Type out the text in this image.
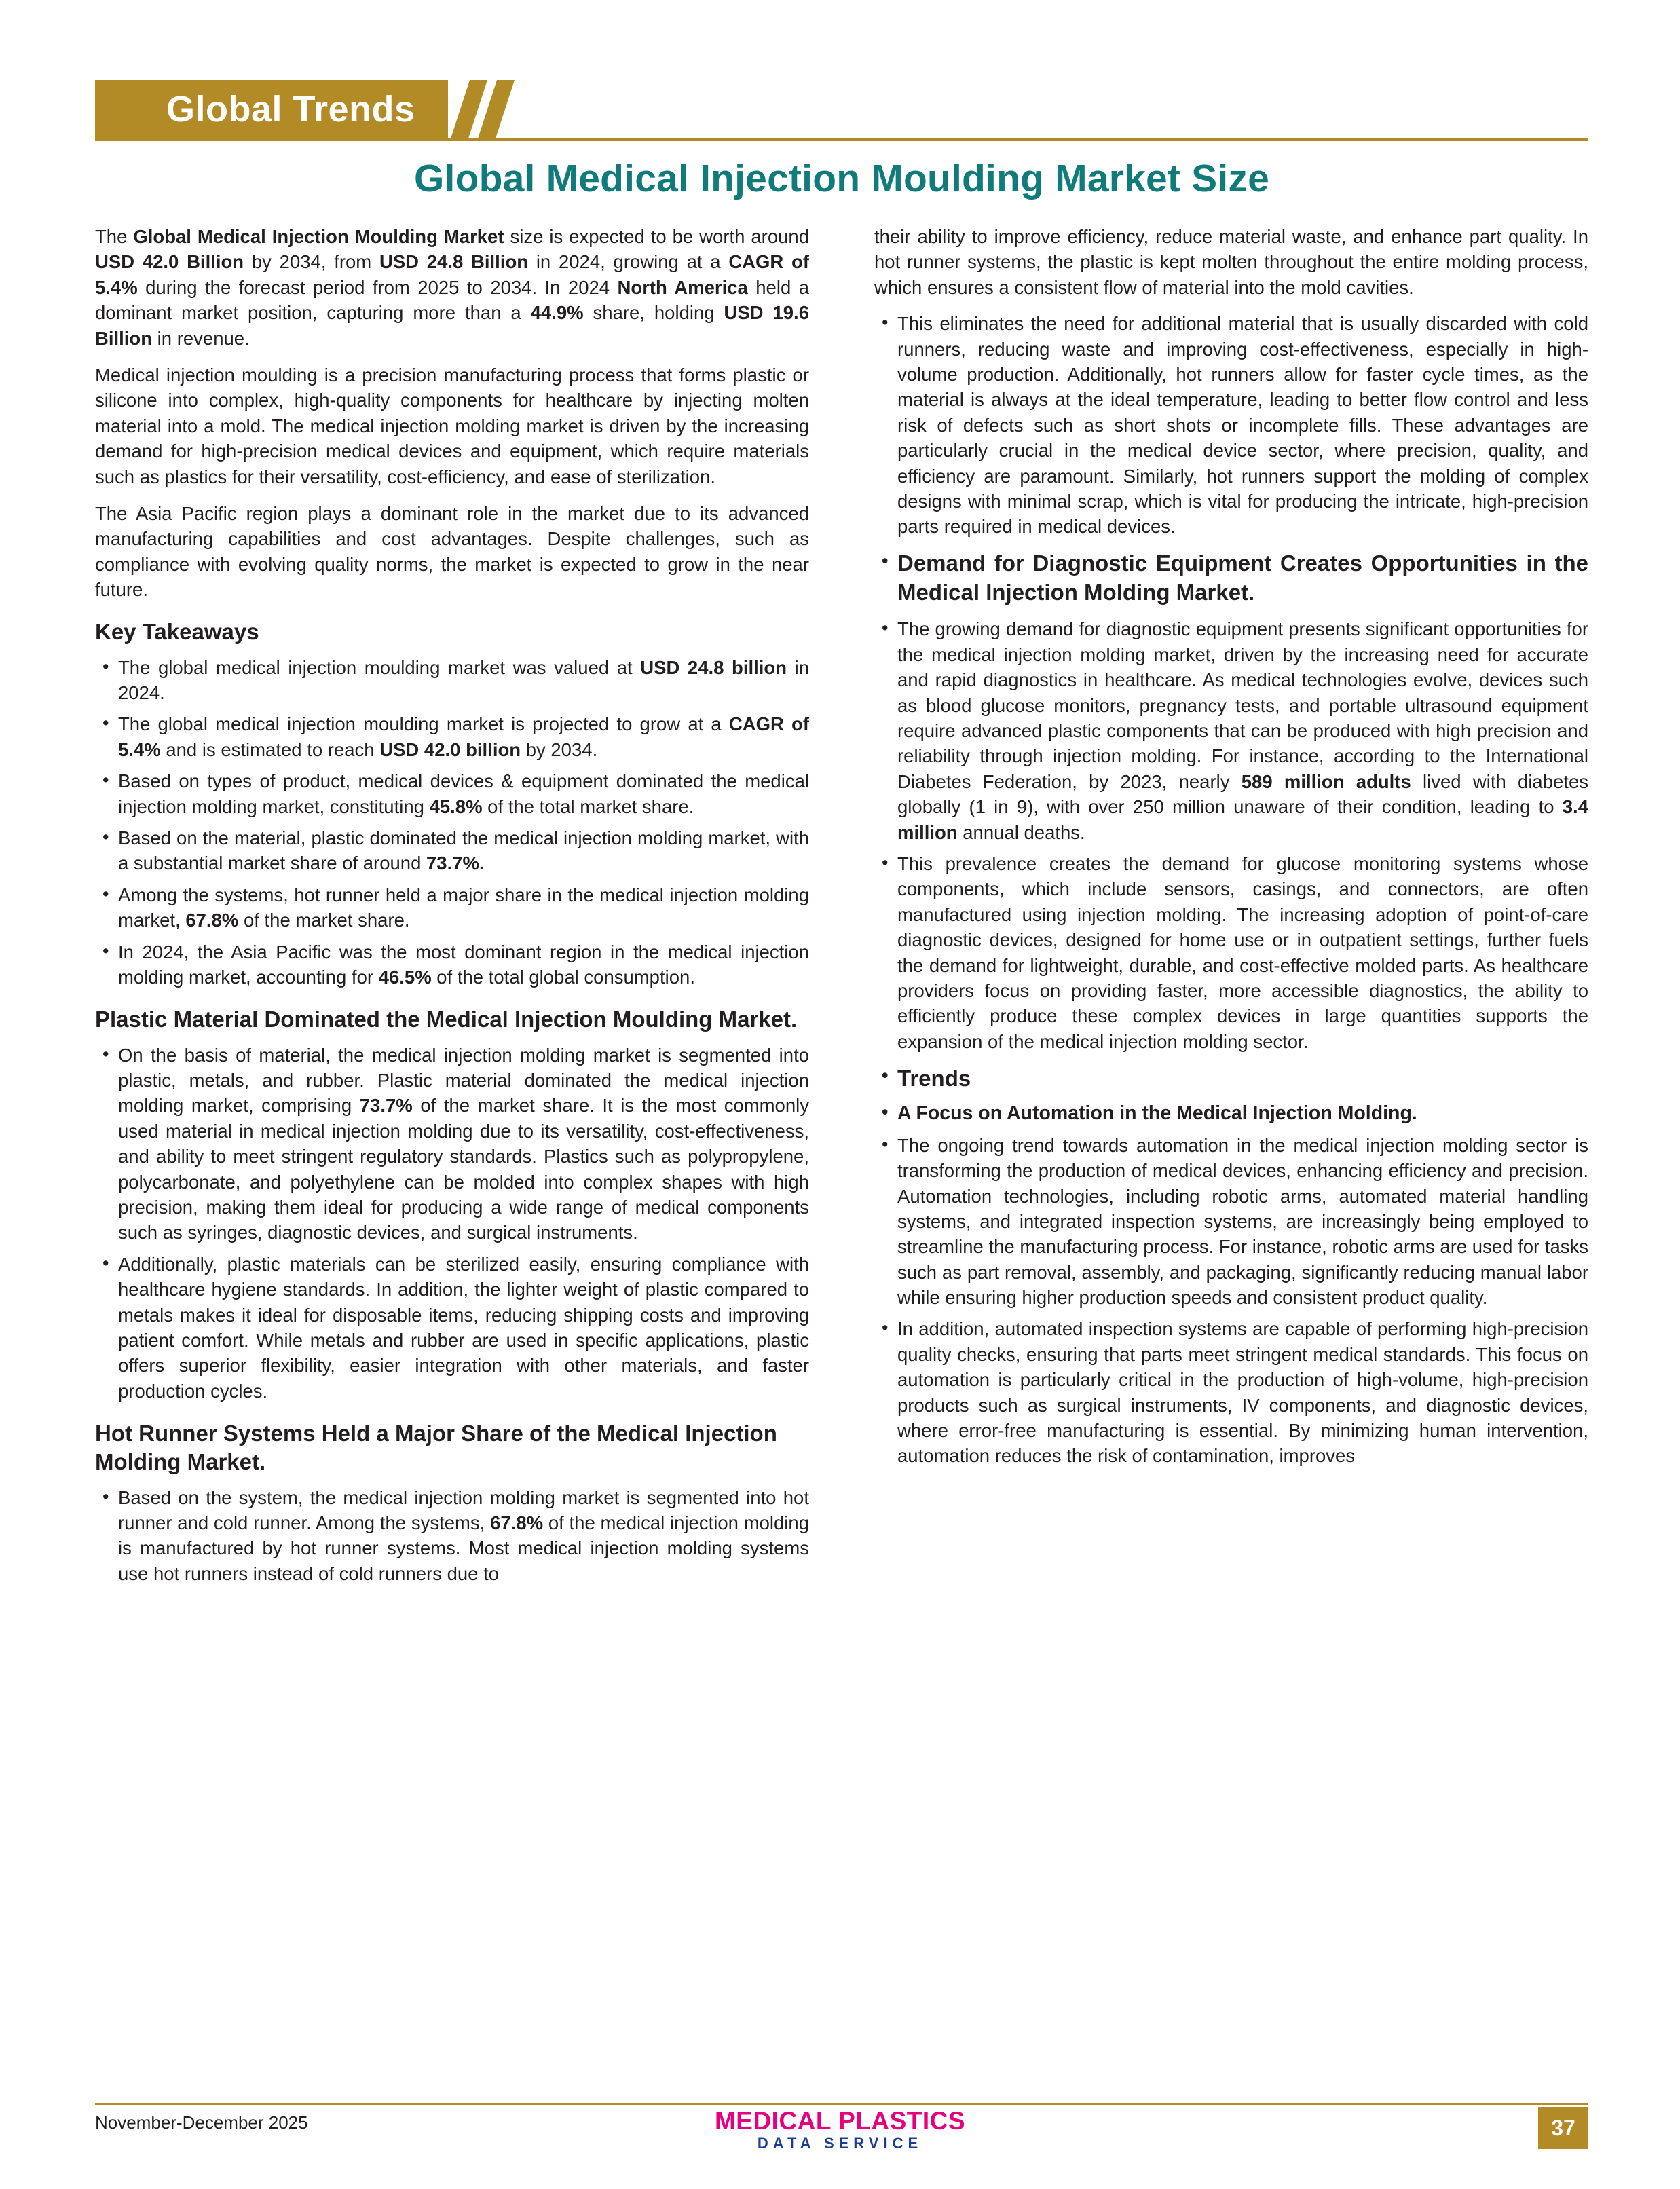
Global Trends
Global Medical Injection Moulding Market Size

The Global Medical Injection Moulding Market size is expected to be worth around USD 42.0 Billion by 2034, from USD 24.8 Billion in 2024, growing at a CAGR of 5.4% during the forecast period from 2025 to 2034. In 2024 North America held a dominant market position, capturing more than a 44.9% share, holding USD 19.6 Billion in revenue.

Medical injection moulding is a precision manufacturing process that forms plastic or silicone into complex, high-quality components for healthcare by injecting molten material into a mold. The medical injection molding market is driven by the increasing demand for high-precision medical devices and equipment, which require materials such as plastics for their versatility, cost-efficiency, and ease of sterilization.

The Asia Pacific region plays a dominant role in the market due to its advanced manufacturing capabilities and cost advantages. Despite challenges, such as compliance with evolving quality norms, the market is expected to grow in the near future.

Key Takeaways
• The global medical injection moulding market was valued at USD 24.8 billion in 2024.
• The global medical injection moulding market is projected to grow at a CAGR of 5.4% and is estimated to reach USD 42.0 billion by 2034.
• Based on types of product, medical devices & equipment dominated the medical injection molding market, constituting 45.8% of the total market share.
• Based on the material, plastic dominated the medical injection molding market, with a substantial market share of around 73.7%.
• Among the systems, hot runner held a major share in the medical injection molding market, 67.8% of the market share.
• In 2024, the Asia Pacific was the most dominant region in the medical injection molding market, accounting for 46.5% of the total global consumption.
Plastic Material Dominated the Medical Injection Moulding Market.
• On the basis of material, the medical injection molding market is segmented into plastic, metals, and rubber. Plastic material dominated the medical injection molding market, comprising 73.7% of the market share. It is the most commonly used material in medical injection molding due to its versatility, cost-effectiveness, and ability to meet stringent regulatory standards. Plastics such as polypropylene, polycarbonate, and polyethylene can be molded into complex shapes with high precision, making them ideal for producing a wide range of medical components such as syringes, diagnostic devices, and surgical instruments.
• Additionally, plastic materials can be sterilized easily, ensuring compliance with healthcare hygiene standards. In addition, the lighter weight of plastic compared to metals makes it ideal for disposable items, reducing shipping costs and improving patient comfort. While metals and rubber are used in specific applications, plastic offers superior flexibility, easier integration with other materials, and faster production cycles.
Hot Runner Systems Held a Major Share of the Medical Injection Molding Market.
• Based on the system, the medical injection molding market is segmented into hot runner and cold runner. Among the systems, 67.8% of the medical injection molding is manufactured by hot runner systems. Most medical injection molding systems use hot runners instead of cold runners due to

their ability to improve efficiency, reduce material waste, and enhance part quality. In hot runner systems, the plastic is kept molten throughout the entire molding process, which ensures a consistent flow of material into the mold cavities.

• This eliminates the need for additional material that is usually discarded with cold runners, reducing waste and improving cost-effectiveness, especially in high-volume production. Additionally, hot runners allow for faster cycle times, as the material is always at the ideal temperature, leading to better flow control and less risk of defects such as short shots or incomplete fills. These advantages are particularly crucial in the medical device sector, where precision, quality, and efficiency are paramount. Similarly, hot runners support the molding of complex designs with minimal scrap, which is vital for producing the intricate, high-precision parts required in medical devices.
• Demand for Diagnostic Equipment Creates Opportunities in the Medical Injection Molding Market.
• The growing demand for diagnostic equipment presents significant opportunities for the medical injection molding market, driven by the increasing need for accurate and rapid diagnostics in healthcare. As medical technologies evolve, devices such as blood glucose monitors, pregnancy tests, and portable ultrasound equipment require advanced plastic components that can be produced with high precision and reliability through injection molding. For instance, according to the International Diabetes Federation, by 2023, nearly 589 million adults lived with diabetes globally (1 in 9), with over 250 million unaware of their condition, leading to 3.4 million annual deaths.
• This prevalence creates the demand for glucose monitoring systems whose components, which include sensors, casings, and connectors, are often manufactured using injection molding. The increasing adoption of point-of-care diagnostic devices, designed for home use or in outpatient settings, further fuels the demand for lightweight, durable, and cost-effective molded parts. As healthcare providers focus on providing faster, more accessible diagnostics, the ability to efficiently produce these complex devices in large quantities supports the expansion of the medical injection molding sector.
• Trends
• A Focus on Automation in the Medical Injection Molding.
• The ongoing trend towards automation in the medical injection molding sector is transforming the production of medical devices, enhancing efficiency and precision. Automation technologies, including robotic arms, automated material handling systems, and integrated inspection systems, are increasingly being employed to streamline the manufacturing process. For instance, robotic arms are used for tasks such as part removal, assembly, and packaging, significantly reducing manual labor while ensuring higher production speeds and consistent product quality.
• In addition, automated inspection systems are capable of performing high-precision quality checks, ensuring that parts meet stringent medical standards. This focus on automation is particularly critical in the production of high-volume, high-precision products such as surgical instruments, IV components, and diagnostic devices, where error-free manufacturing is essential. By minimizing human intervention, automation reduces the risk of contamination, improves
November-December 2025	MEDICAL PLASTICS
DATA SERVICE
37
